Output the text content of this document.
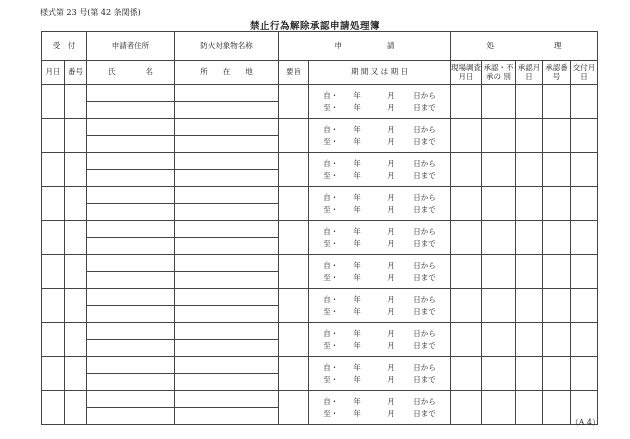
様式第 23 号(第 42 条関係)
禁止行為解除承認申請処理簿
受　付		申請者住所	防火対象物名称	申　　　　　　請		処　　　　　　　　理				
月日	番号	氏　　　　名	所　　在　　地	要旨	期 間 又 は 期 日	現場調査月日	承認・不承の 別	承認月日	承認番号	交付月日

					自・ 年 月 日から
至・ 年 月 日まで					

					自・ 年 月 日から
至・ 年 月 日まで					

					自・ 年 月 日から
至・ 年 月 日まで					

					自・ 年 月 日から
至・ 年 月 日まで					

					自・ 年 月 日から
至・ 年 月 日まで					

					自・ 年 月 日から
至・ 年 月 日まで					

					自・ 年 月 日から
至・ 年 月 日まで					

					自・ 年 月 日から
至・ 年 月 日まで					

					自・ 年 月 日から
至・ 年 月 日まで					

					自・ 年 月 日から
至・ 年 月 日まで					

（A 4）
